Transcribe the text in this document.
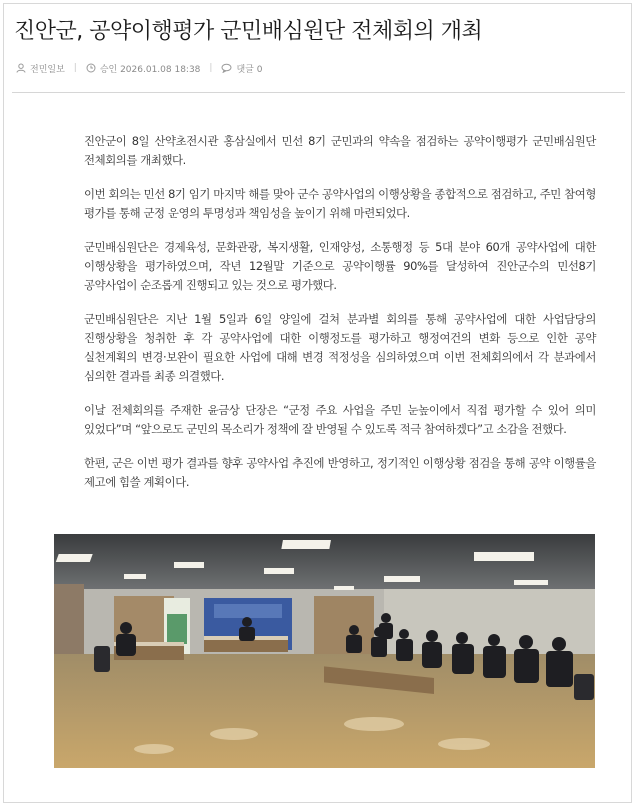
진안군, 공약이행평가 군민배심원단 전체회의 개최
전민일보 |	승인 2026.01.08 18:38 |	댓글 0

진안군이 8일 산약초전시관 홍삼실에서 민선 8기 군민과의 약속을 점검하는 공약이행평가 군민배심원단 전체회의를 개최했다.

이번 회의는 민선 8기 임기 마지막 해를 맞아 군수 공약사업의 이행상황을 종합적으로 점검하고, 주민 참여형 평가를 통해 군정 운영의 투명성과 책임성을 높이기 위해 마련되었다.

군민배심원단은 경제육성, 문화관광, 복지생활, 인재양성, 소통행정 등 5대 분야 60개 공약사업에 대한 이행상황을 평가하였으며, 작년 12월말 기준으로 공약이행률 90%를 달성하여 진안군수의 민선8기 공약사업이 순조롭게 진행되고 있는 것으로 평가했다.

군민배심원단은 지난 1월 5일과 6일 양일에 걸쳐 분과별 회의를 통해 공약사업에 대한 사업담당의 진행상황을 청취한 후 각 공약사업에 대한 이행정도를 평가하고 행정여건의 변화 등으로 인한 공약 실천계획의 변경·보완이 필요한 사업에 대해 변경 적정성을 심의하였으며 이번 전체회의에서 각 분과에서 심의한 결과를 최종 의결했다.

이날 전체회의를 주재한 윤금상 단장은 “군정 주요 사업을 주민 눈높이에서 직접 평가할 수 있어 의미 있었다”며 “앞으로도 군민의 목소리가 정책에 잘 반영될 수 있도록 적극 참여하겠다”고 소감을 전했다.

한편, 군은 이번 평가 결과를 향후 공약사업 추진에 반영하고, 정기적인 이행상황 점검을 통해 공약 이행률을 제고에 힘쓸 계획이다.
